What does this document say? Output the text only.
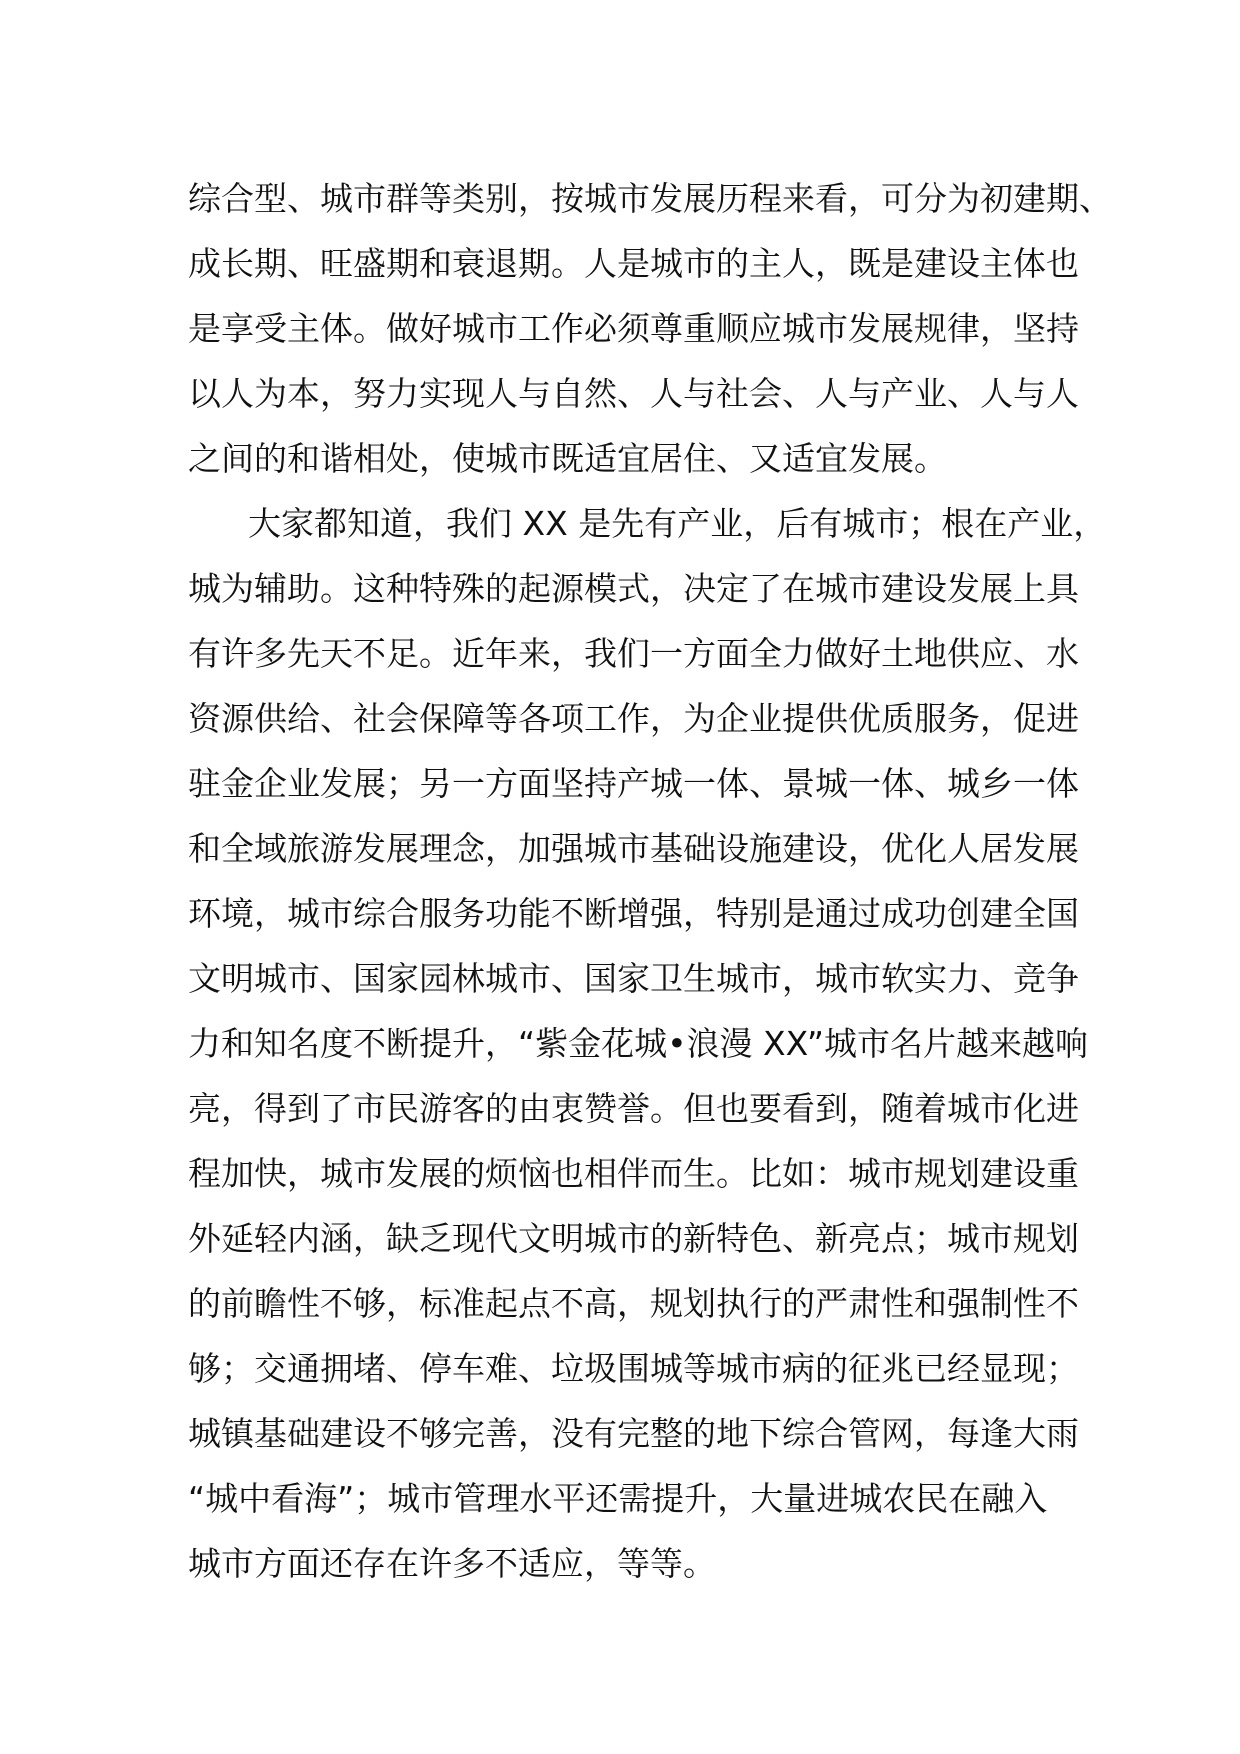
综合型、城市群等类别，按城市发展历程来看，可分为初建期、
成长期、旺盛期和衰退期。人是城市的主人，既是建设主体也
是享受主体。做好城市工作必须尊重顺应城市发展规律，坚持
以人为本，努力实现人与自然、人与社会、人与产业、人与人
之间的和谐相处，使城市既适宜居住、又适宜发展。
大家都知道，我们 XX 是先有产业，后有城市；根在产业，
城为辅助。这种特殊的起源模式，决定了在城市建设发展上具
有许多先天不足。近年来，我们一方面全力做好土地供应、水
资源供给、社会保障等各项工作，为企业提供优质服务，促进
驻金企业发展；另一方面坚持产城一体、景城一体、城乡一体
和全域旅游发展理念，加强城市基础设施建设，优化人居发展
环境，城市综合服务功能不断增强，特别是通过成功创建全国
文明城市、国家园林城市、国家卫生城市，城市软实力、竞争
力和知名度不断提升，“紫金花城•浪漫 XX”城市名片越来越响
亮，得到了市民游客的由衷赞誉。但也要看到，随着城市化进
程加快，城市发展的烦恼也相伴而生。比如：城市规划建设重
外延轻内涵，缺乏现代文明城市的新特色、新亮点；城市规划
的前瞻性不够，标准起点不高，规划执行的严肃性和强制性不
够；交通拥堵、停车难、垃圾围城等城市病的征兆已经显现；
城镇基础建设不够完善，没有完整的地下综合管网，每逢大雨
“城中看海”；城市管理水平还需提升，大量进城农民在融入
城市方面还存在许多不适应，等等。
